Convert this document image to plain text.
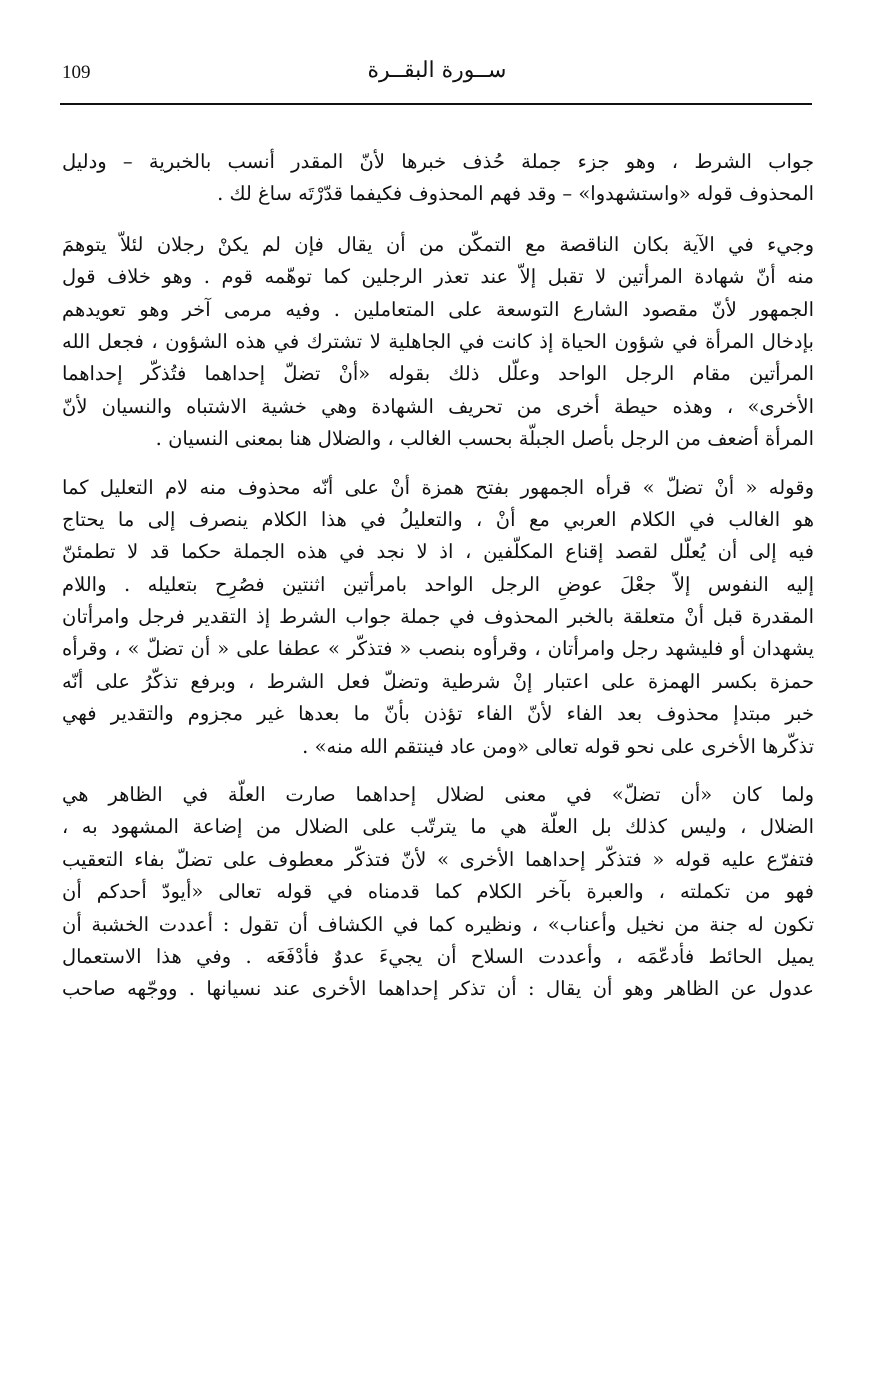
109	ســورة البقــرة
جواب الشرط ، وهو جزء جملة حُذف خبرها لأنّ المقدر أنسب بالخبرية – ودليل
المحذوف قوله «واستشهدوا» – وقد فهم المحذوف فكيفما قدّرْتَه ساغ لك .
وجيء في الآية بكان الناقصة مع التمكّن من أن يقال فإن لم يكنْ رجلان لئلاّ يتوهمَ
منه أنّ شهادة المرأتين لا تقبل إلاّ عند تعذر الرجلين كما توهّمه قوم . وهو خلاف قول
الجمهور لأنّ مقصود الشارع التوسعة على المتعاملين . وفيه مرمى آخر وهو تعويدهم
بإدخال المرأة في شؤون الحياة إذ كانت في الجاهلية لا تشترك في هذه الشؤون ، فجعل الله
المرأتين مقام الرجل الواحد وعلّل ذلك بقوله «أنْ تضلّ إحداهما فتُذكّر إحداهما
الأخرى» ، وهذه حيطة أخرى من تحريف الشهادة وهي خشية الاشتباه والنسيان لأنّ
المرأة أضعف من الرجل بأصل الجبلّة بحسب الغالب ، والضلال هنا بمعنى النسيان .
وقوله « أنْ تضلّ » قرأه الجمهور بفتح همزة أنْ على أنّه محذوف منه لام التعليل كما
هو الغالب في الكلام العربي مع أنْ ، والتعليلُ في هذا الكلام ينصرف إلى ما يحتاج
فيه إلى أن يُعلّل لقصد إقناع المكلّفين ، اذ لا نجد في هذه الجملة حكما قد لا تطمئنّ
إليه النفوس إلاّ جعْلَ عوضِ الرجل الواحد بامرأتين اثنتين فصُرِح بتعليله . واللام
المقدرة قبل أنْ متعلقة بالخبر المحذوف في جملة جواب الشرط إذ التقدير فرجل وامرأتان
يشهدان أو فليشهد رجل وامرأتان ، وقرأوه بنصب « فتذكّر » عطفا على « أن تضلّ » ، وقرأه
حمزة بكسر الهمزة على اعتبار إنْ شرطية وتضلّ فعل الشرط ، وبرفع تذكّرُ على أنّه
خبر مبتدإ محذوف بعد الفاء لأنّ الفاء تؤذن بأنّ ما بعدها غير مجزوم والتقدير فهي
تذكّرها الأخرى على نحو قوله تعالى «ومن عاد فينتقم الله منه» .
ولما كان «أن تضلّ» في معنى لضلال إحداهما صارت العلّة في الظاهر هي
الضلال ، وليس كذلك بل العلّة هي ما يترتّب على الضلال من إضاعة المشهود به ،
فتفرّع عليه قوله « فتذكّر إحداهما الأخرى » لأنّ فتذكّر معطوف على تضلّ بفاء التعقيب
فهو من تكملته ، والعبرة بآخر الكلام كما قدمناه في قوله تعالى «أيودّ أحدكم أن
تكون له جنة من نخيل وأعناب» ، ونظيره كما في الكشاف أن تقول : أعددت الخشبة أن
يميل الحائط فأدعّمَه ، وأعددت السلاح أن يجيءَ عدوٌ فأدْفَعَه . وفي هذا الاستعمال
عدول عن الظاهر وهو أن يقال : أن تذكر إحداهما الأخرى عند نسيانها . ووجّهه صاحب
